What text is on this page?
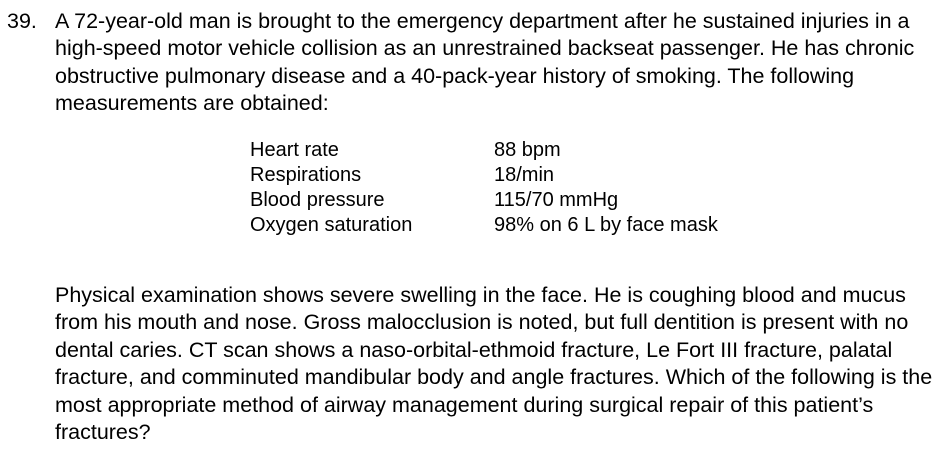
39. A 72-year-old man is brought to the emergency department after he sustained injuries in a high-speed motor vehicle collision as an unrestrained backseat passenger. He has chronic obstructive pulmonary disease and a 40-pack-year history of smoking. The following measurements are obtained:
Heart rate	88 bpm
Respirations	18/min
Blood pressure	115/70 mmHg
Oxygen saturation	98% on 6 L by face mask
Physical examination shows severe swelling in the face. He is coughing blood and mucus from his mouth and nose. Gross malocclusion is noted, but full dentition is present with no dental caries. CT scan shows a naso-orbital-ethmoid fracture, Le Fort III fracture, palatal fracture, and comminuted mandibular body and angle fractures. Which of the following is the most appropriate method of airway management during surgical repair of this patient’s fractures?
